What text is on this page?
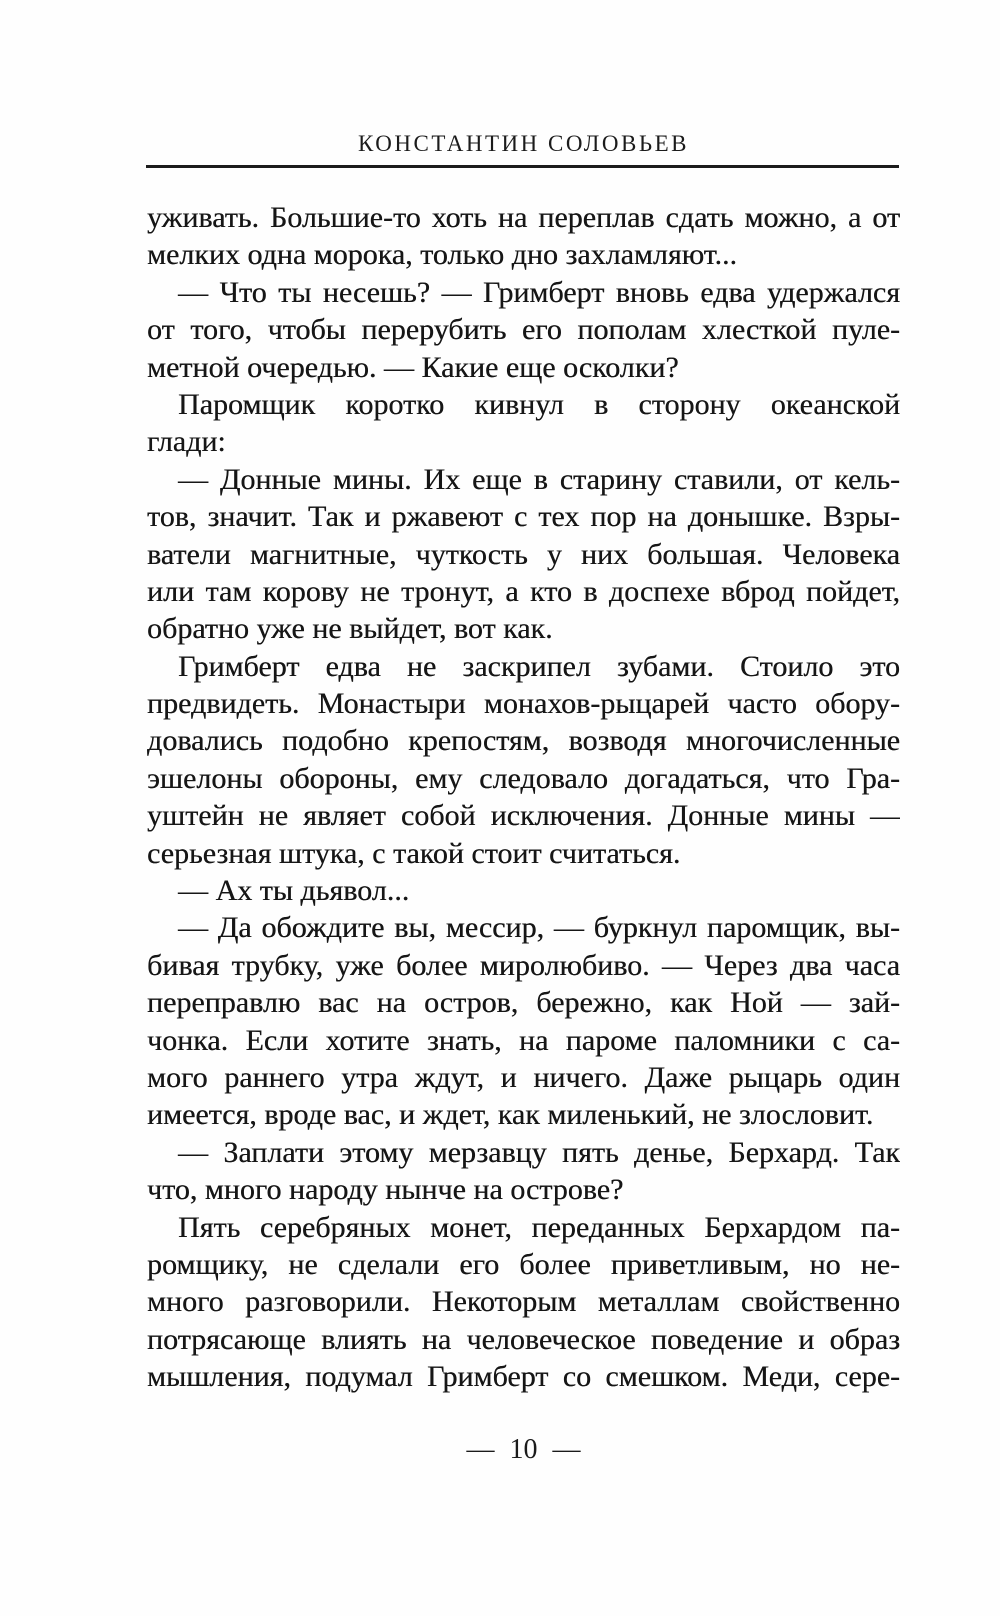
КОНСТАНТИН СОЛОВЬЕВ
уживать. Большие-то хоть на переплав сдать можно, а от
мелких одна морока, только дно захламляют...
— Что ты несешь? — Гримберт вновь едва удержался
от того, чтобы перерубить его пополам хлесткой пуле-
метной очередью. — Какие еще осколки?
Паромщик коротко кивнул в сторону океанской
глади:
— Донные мины. Их еще в старину ставили, от кель-
тов, значит. Так и ржавеют с тех пор на донышке. Взры-
ватели магнитные, чуткость у них большая. Человека
или там корову не тронут, а кто в доспехе вброд пойдет,
обратно уже не выйдет, вот как.
Гримберт едва не заскрипел зубами. Стоило это
предвидеть. Монастыри монахов-рыцарей часто обору-
довались подобно крепостям, возводя многочисленные
эшелоны обороны, ему следовало догадаться, что Гра-
уштейн не являет собой исключения. Донные мины —
серьезная штука, с такой стоит считаться.
— Ах ты дьявол...
— Да обождите вы, мессир, — буркнул паромщик, вы-
бивая трубку, уже более миролюбиво. — Через два часа
переправлю вас на остров, бережно, как Ной — зай-
чонка. Если хотите знать, на пароме паломники с са-
мого раннего утра ждут, и ничего. Даже рыцарь один
имеется, вроде вас, и ждет, как миленький, не злословит.
— Заплати этому мерзавцу пять денье, Берхард. Так
что, много народу нынче на острове?
Пять серебряных монет, переданных Берхардом па-
ромщику, не сделали его более приветливым, но не-
много разговорили. Некоторым металлам свойственно
потрясающе влиять на человеческое поведение и образ
мышления, подумал Гримберт со смешком. Меди, сере-
— 10 —
